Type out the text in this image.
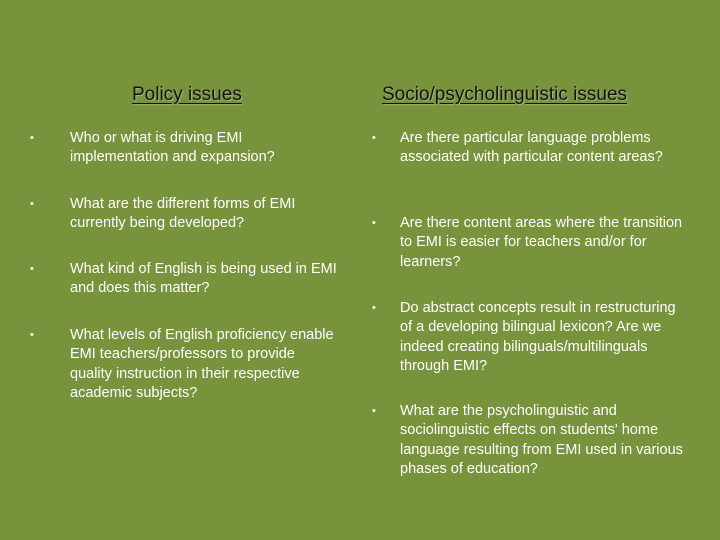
Policy issues	Socio/psycholinguistic issues
• Who or what is driving EMI implementation and expansion?
• What are the different forms of EMI currently being developed?
• What kind of English is being used in EMI and does this matter?
• What levels of English proficiency enable EMI teachers/professors to provide quality instruction in their respective academic subjects?
• Are there particular language problems associated with particular content areas?
• Are there content areas where the transition to EMI is easier for teachers and/or for learners?
• Do abstract concepts result in restructuring of a developing bilingual lexicon? Are we indeed creating bilinguals/multilinguals through EMI?
• What are the psycholinguistic and sociolinguistic effects on students' home language resulting from EMI used in various phases of education?
